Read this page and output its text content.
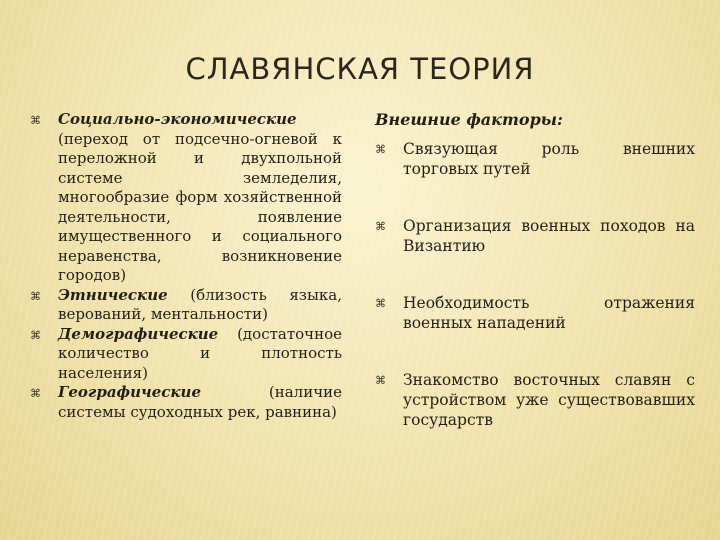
СЛАВЯНСКАЯ ТЕОРИЯ
⌘ Социально-экономические (переход от подсечно-огневой к переложной и двухпольной системе земледелия, многообразие форм хозяйственной деятельности, появление имущественного и социального неравенства, возникновение городов)
⌘ Этнические (близость языка, верований, ментальности)
⌘ Демографические (достаточное количество и плотность населения)
⌘ Географические (наличие системы судоходных рек, равнина)
Внешние факторы:
⌘ Связующая роль внешних торговых путей
⌘ Организация военных походов на Византию
⌘ Необходимость отражения военных нападений
⌘ Знакомство восточных славян с устройством уже существовавших государств
